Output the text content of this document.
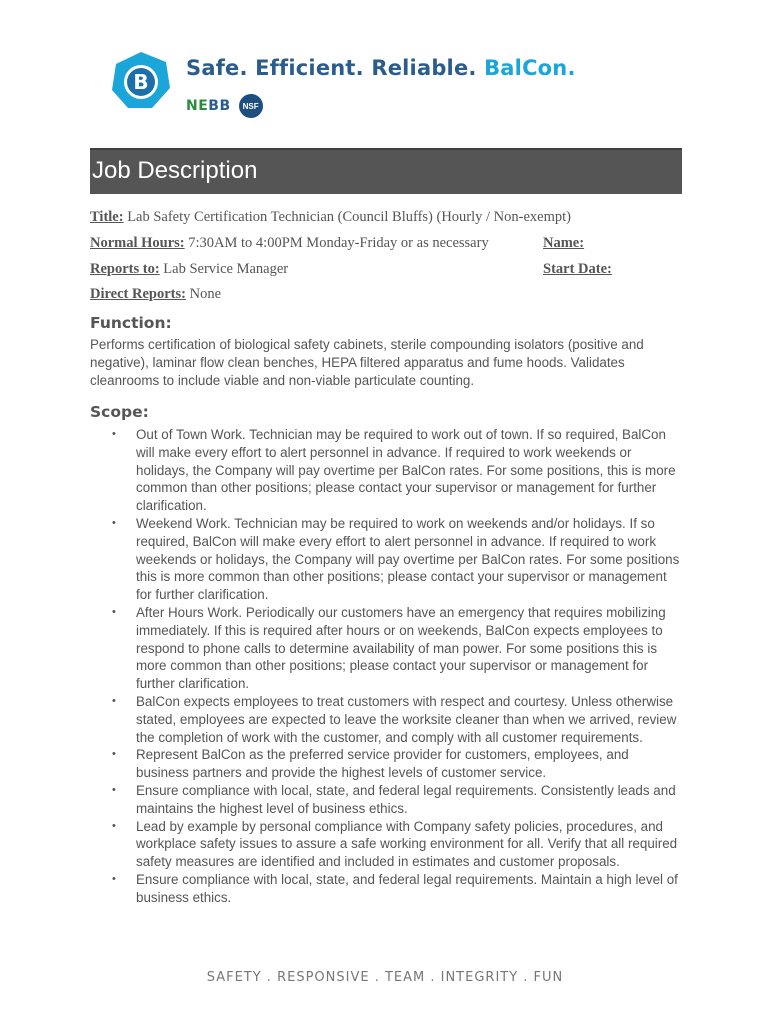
B
Safe. Efficient. Reliable. BalCon.
NEBB	NSF
Job Description
Title: Lab Safety Certification Technician (Council Bluffs) (Hourly / Non-exempt)
Normal Hours: 7:30AM to 4:00PM Monday-Friday or as necessary
Reports to: Lab Service Manager
Direct Reports: None
Name:
Start Date:
Function:
Performs certification of biological safety cabinets, sterile compounding isolators (positive and negative), laminar flow clean benches, HEPA filtered apparatus and fume hoods. Validates cleanrooms to include viable and non-viable particulate counting.
Scope:
• Out of Town Work. Technician may be required to work out of town. If so required, BalCon will make every effort to alert personnel in advance. If required to work weekends or holidays, the Company will pay overtime per BalCon rates. For some positions, this is more common than other positions; please contact your supervisor or management for further clarification.
• Weekend Work. Technician may be required to work on weekends and/or holidays. If so required, BalCon will make every effort to alert personnel in advance. If required to work weekends or holidays, the Company will pay overtime per BalCon rates. For some positions this is more common than other positions; please contact your supervisor or management for further clarification.
• After Hours Work. Periodically our customers have an emergency that requires mobilizing immediately. If this is required after hours or on weekends, BalCon expects employees to respond to phone calls to determine availability of man power. For some positions this is more common than other positions; please contact your supervisor or management for further clarification.
• BalCon expects employees to treat customers with respect and courtesy. Unless otherwise stated, employees are expected to leave the worksite cleaner than when we arrived, review the completion of work with the customer, and comply with all customer requirements.
• Represent BalCon as the preferred service provider for customers, employees, and business partners and provide the highest levels of customer service.
• Ensure compliance with local, state, and federal legal requirements. Consistently leads and maintains the highest level of business ethics.
• Lead by example by personal compliance with Company safety policies, procedures, and workplace safety issues to assure a safe working environment for all. Verify that all required safety measures are identified and included in estimates and customer proposals.
• Ensure compliance with local, state, and federal legal requirements. Maintain a high level of business ethics.
SAFETY . RESPONSIVE . TEAM . INTEGRITY . FUN
